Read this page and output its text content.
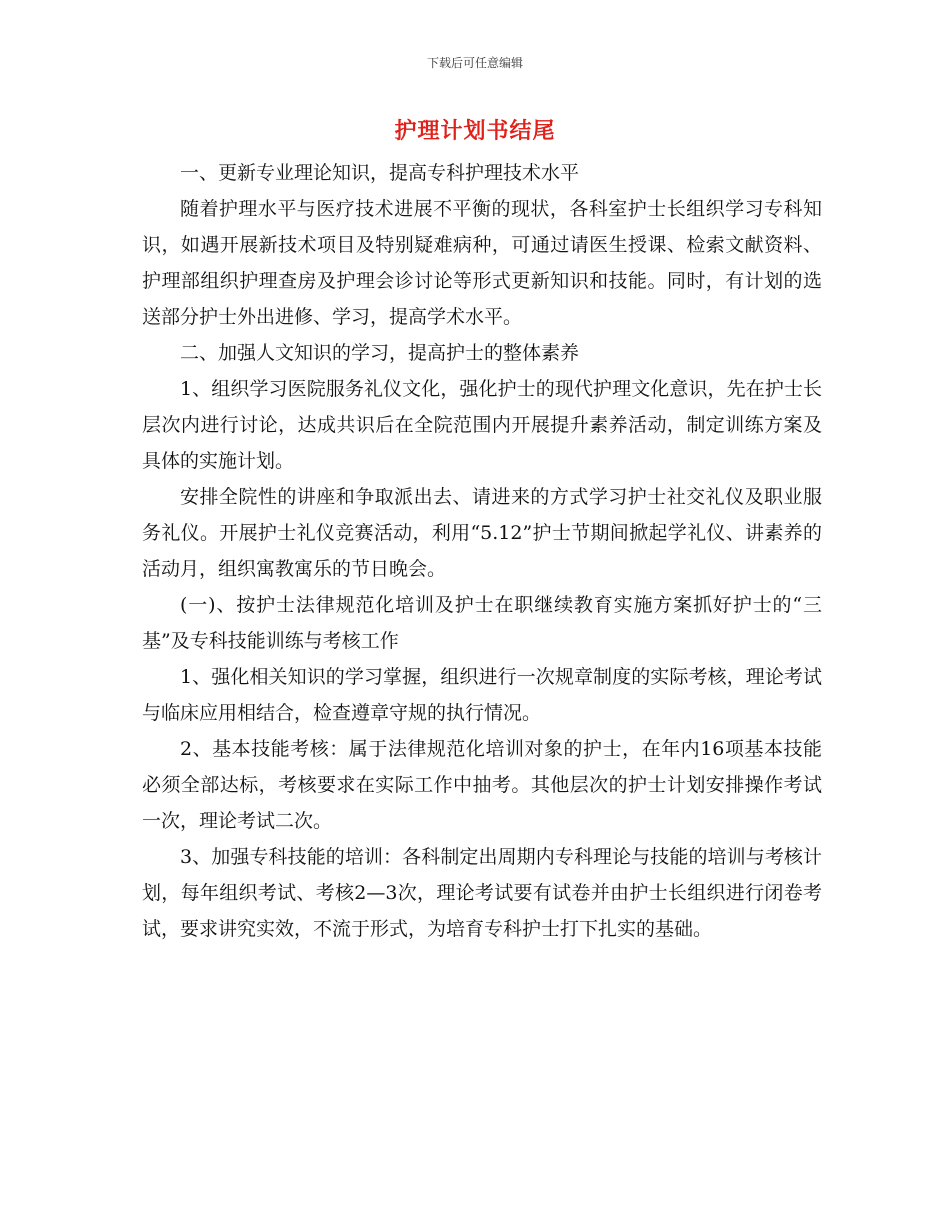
下载后可任意编辑
护理计划书结尾

一、更新专业理论知识，提高专科护理技术水平

随着护理水平与医疗技术进展不平衡的现状，各科室护士长组织学习专科知识，如遇开展新技术项目及特别疑难病种，可通过请医生授课、检索文献资料、护理部组织护理查房及护理会诊讨论等形式更新知识和技能。同时，有计划的选送部分护士外出进修、学习，提高学术水平。

二、加强人文知识的学习，提高护士的整体素养

1、组织学习医院服务礼仪文化，强化护士的现代护理文化意识，先在护士长层次内进行讨论，达成共识后在全院范围内开展提升素养活动，制定训练方案及具体的实施计划。

安排全院性的讲座和争取派出去、请进来的方式学习护士社交礼仪及职业服务礼仪。开展护士礼仪竞赛活动，利用“5.12”护士节期间掀起学礼仪、讲素养的活动月，组织寓教寓乐的节日晚会。

(一)、按护士法律规范化培训及护士在职继续教育实施方案抓好护士的“三基”及专科技能训练与考核工作

1、强化相关知识的学习掌握，组织进行一次规章制度的实际考核，理论考试与临床应用相结合，检查遵章守规的执行情况。

2、基本技能考核：属于法律规范化培训对象的护士，在年内16项基本技能必须全部达标，考核要求在实际工作中抽考。其他层次的护士计划安排操作考试一次，理论考试二次。

3、加强专科技能的培训：各科制定出周期内专科理论与技能的培训与考核计划，每年组织考试、考核2—3次，理论考试要有试卷并由护士长组织进行闭卷考试，要求讲究实效，不流于形式，为培育专科护士打下扎实的基础。
